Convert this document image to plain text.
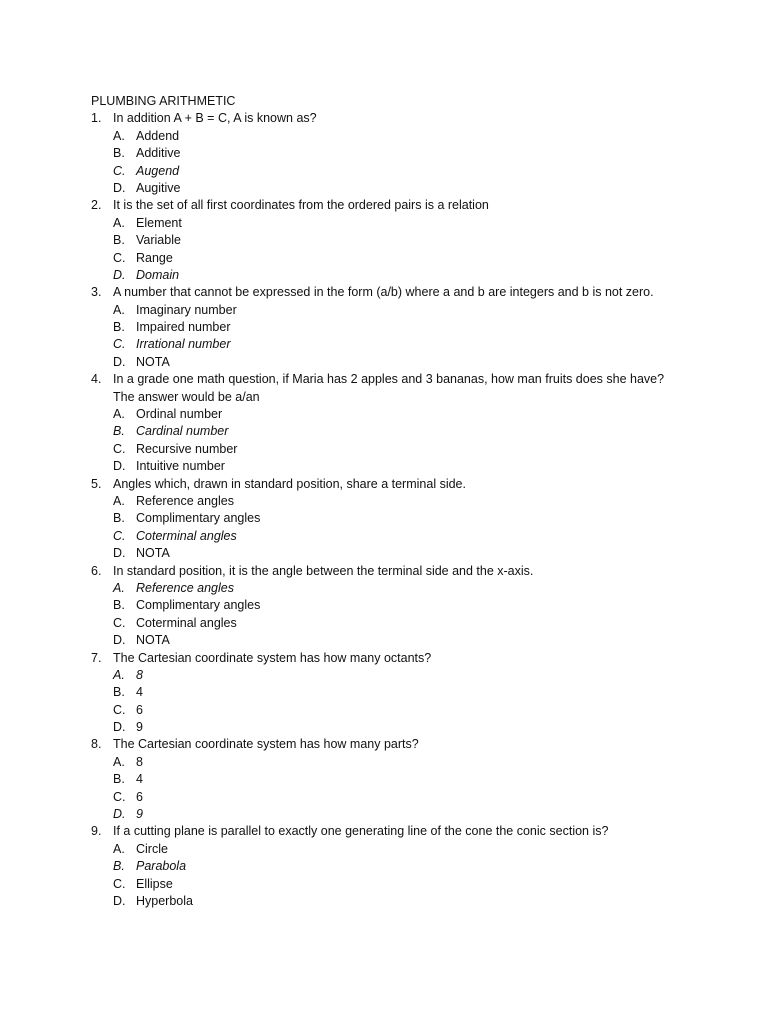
PLUMBING ARITHMETIC
1. In addition A + B = C, A is known as?
A. Addend
B. Additive
C. Augend
D. Augitive
2. It is the set of all first coordinates from the ordered pairs is a relation
A. Element
B. Variable
C. Range
D. Domain
3. A number that cannot be expressed in the form (a/b) where a and b are integers and b is not zero.
A. Imaginary number
B. Impaired number
C. Irrational number
D. NOTA
4. In a grade one math question, if Maria has 2 apples and 3 bananas, how man fruits does she have?
The answer would be a/an
A. Ordinal number
B. Cardinal number
C. Recursive number
D. Intuitive number
5. Angles which, drawn in standard position, share a terminal side.
A. Reference angles
B. Complimentary angles
C. Coterminal angles
D. NOTA
6. In standard position, it is the angle between the terminal side and the x-axis.
A. Reference angles
B. Complimentary angles
C. Coterminal angles
D. NOTA
7. The Cartesian coordinate system has how many octants?
A. 8
B. 4
C. 6
D. 9
8. The Cartesian coordinate system has how many parts?
A. 8
B. 4
C. 6
D. 9
9. If a cutting plane is parallel to exactly one generating line of the cone the conic section is?
A. Circle
B. Parabola
C. Ellipse
D. Hyperbola
